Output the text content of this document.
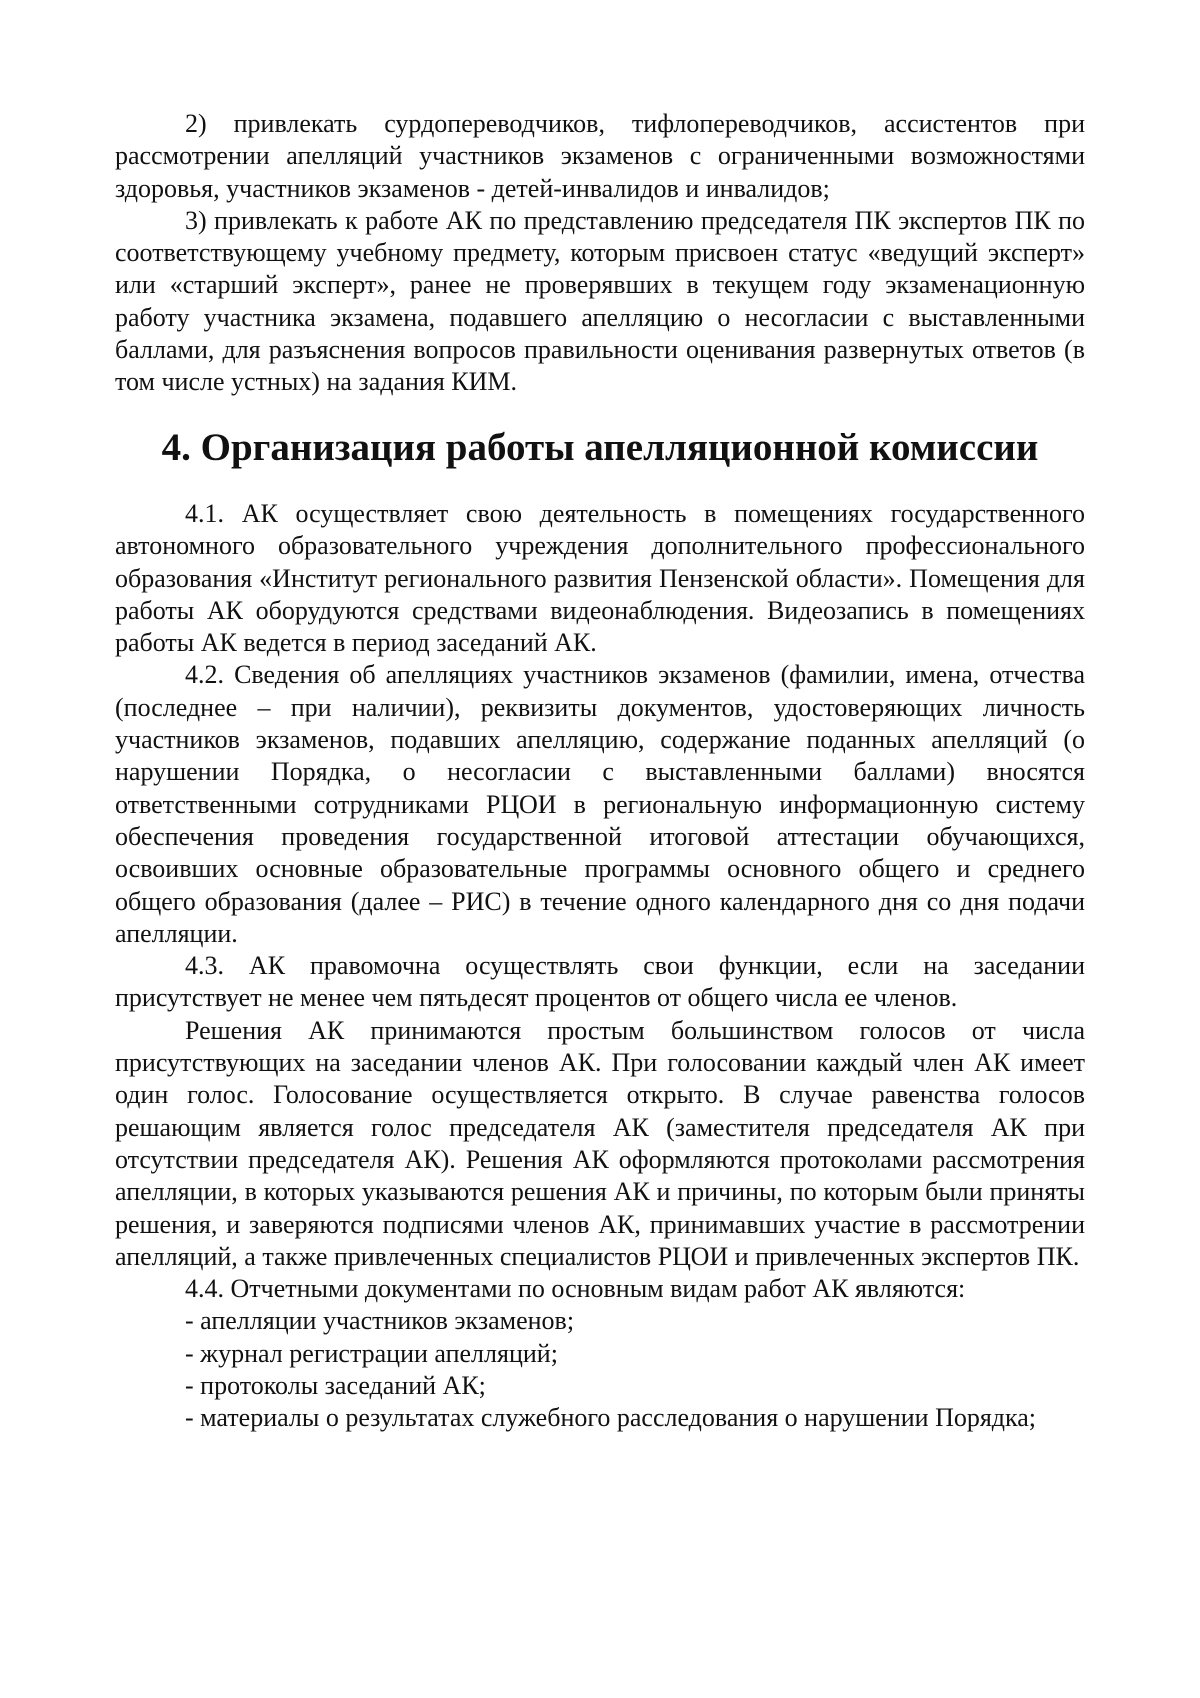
2) привлекать сурдопереводчиков, тифлопереводчиков, ассистентов при рассмотрении апелляций участников экзаменов с ограниченными возможностями здоровья, участников экзаменов - детей-инвалидов и инвалидов;

3) привлекать к работе АК по представлению председателя ПК экспертов ПК по соответствующему учебному предмету, которым присвоен статус «ведущий эксперт» или «старший эксперт», ранее не проверявших в текущем году экзаменационную работу участника экзамена, подавшего апелляцию о несогласии с выставленными баллами, для разъяснения вопросов правильности оценивания развернутых ответов (в том числе устных) на задания КИМ.

4. Организация работы апелляционной комиссии

4.1. АК осуществляет свою деятельность в помещениях государственного автономного образовательного учреждения дополнительного профессионального образования «Институт регионального развития Пензенской области». Помещения для работы АК оборудуются средствами видеонаблюдения. Видеозапись в помещениях работы АК ведется в период заседаний АК.

4.2. Сведения об апелляциях участников экзаменов (фамилии, имена, отчества (последнее – при наличии), реквизиты документов, удостоверяющих личность участников экзаменов, подавших апелляцию, содержание поданных апелляций (о нарушении Порядка, о несогласии с выставленными баллами) вносятся ответственными сотрудниками РЦОИ в региональную информационную систему обеспечения проведения государственной итоговой аттестации обучающихся, освоивших основные образовательные программы основного общего и среднего общего образования (далее – РИС) в течение одного календарного дня со дня подачи апелляции.

4.3. АК правомочна осуществлять свои функции, если на заседании присутствует не менее чем пятьдесят процентов от общего числа ее членов.

Решения АК принимаются простым большинством голосов от числа присутствующих на заседании членов АК. При голосовании каждый член АК имеет один голос. Голосование осуществляется открыто. В случае равенства голосов решающим является голос председателя АК (заместителя председателя АК при отсутствии председателя АК). Решения АК оформляются протоколами рассмотрения апелляции, в которых указываются решения АК и причины, по которым были приняты решения, и заверяются подписями членов АК, принимавших участие в рассмотрении апелляций, а также привлеченных специалистов РЦОИ и привлеченных экспертов ПК.

4.4. Отчетными документами по основным видам работ АК являются:

- апелляции участников экзаменов;

- журнал регистрации апелляций;

- протоколы заседаний АК;

- материалы о результатах служебного расследования о нарушении Порядка;
